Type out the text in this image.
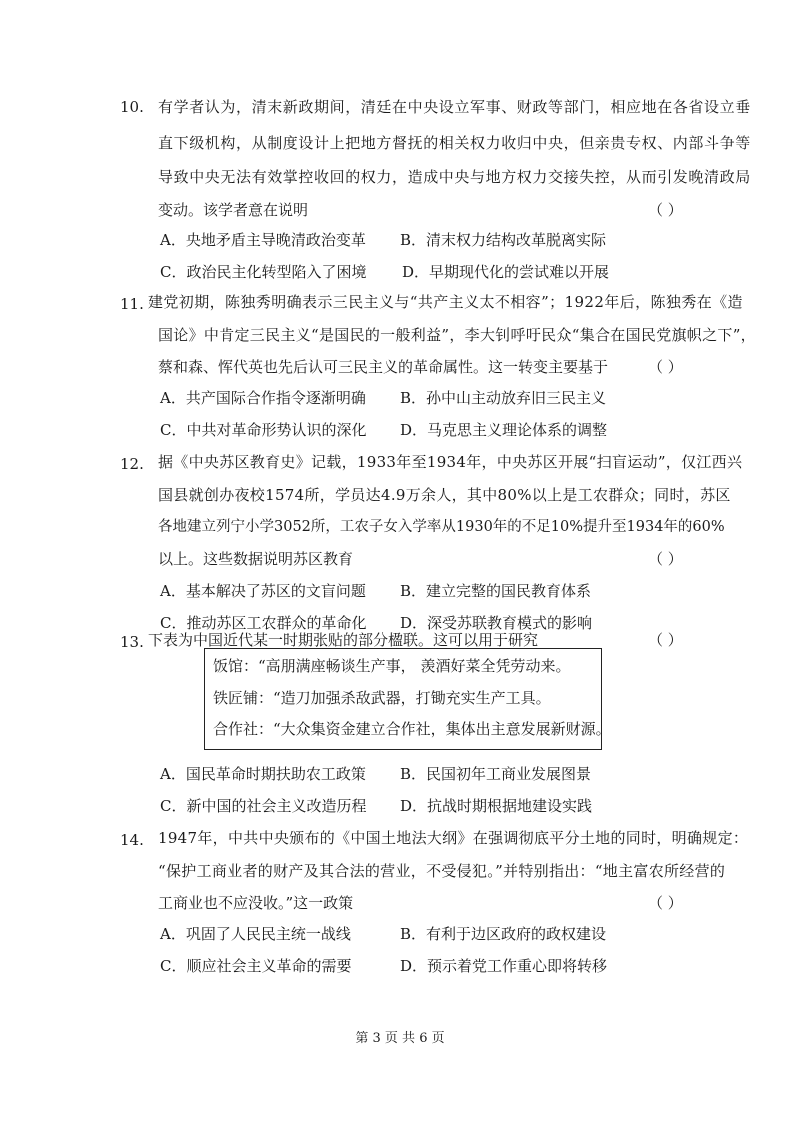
10. 有学者认为，清末新政期间，清廷在中央设立军事、财政等部门，相应地在各省设立垂
直下级机构，从制度设计上把地方督抚的相关权力收归中央，但亲贵专权、内部斗争等
导致中央无法有效掌控收回的权力，造成中央与地方权力交接失控，从而引发晚清政局
变动。该学者意在说明	（ ）
A．央地矛盾主导晚清政治变革 B．清末权力结构改革脱离实际
C．政治民主化转型陷入了困境 D．早期现代化的尝试难以开展
11. 建党初期，陈独秀明确表示三民主义与“共产主义太不相容”；1922年后，陈独秀在《造
国论》中肯定三民主义“是国民的一般利益”，李大钊呼吁民众“集合在国民党旗帜之下”，
蔡和森、恽代英也先后认可三民主义的革命属性。这一转变主要基于	（ ）
A．共产国际合作指令逐渐明确 B．孙中山主动放弃旧三民主义
C．中共对革命形势认识的深化 D．马克思主义理论体系的调整
12. 据《中央苏区教育史》记载，1933年至1934年，中央苏区开展“扫盲运动”，仅江西兴
国县就创办夜校1574所，学员达4.9万余人，其中80%以上是工农群众；同时，苏区
各地建立列宁小学3052所，工农子女入学率从1930年的不足10%提升至1934年的60%
以上。这些数据说明苏区教育	（ ）
A．基本解决了苏区的文盲问题 B．建立完整的国民教育体系
C．推动苏区工农群众的革命化 D．深受苏联教育模式的影响
13. 下表为中国近代某一时期张贴的部分楹联。这可以用于研究	（ ）
饭馆：“高朋满座畅谈生产事， 羡酒好菜全凭劳动来。
铁匠铺：“造刀加强杀敌武器，打锄充实生产工具。
合作社：“大众集资金建立合作社，集体出主意发展新财源。
A．国民革命时期扶助农工政策 B．民国初年工商业发展图景
C．新中国的社会主义改造历程 D．抗战时期根据地建设实践
14. 1947年，中共中央颁布的《中国土地法大纲》在强调彻底平分土地的同时，明确规定：
“保护工商业者的财产及其合法的营业，不受侵犯。”并特别指出：“地主富农所经营的
工商业也不应没收。”这一政策	（ ）
A．巩固了人民民主统一战线	B．有利于边区政府的政权建设
C．顺应社会主义革命的需要	D．预示着党工作重心即将转移
第 3 页 共 6 页
